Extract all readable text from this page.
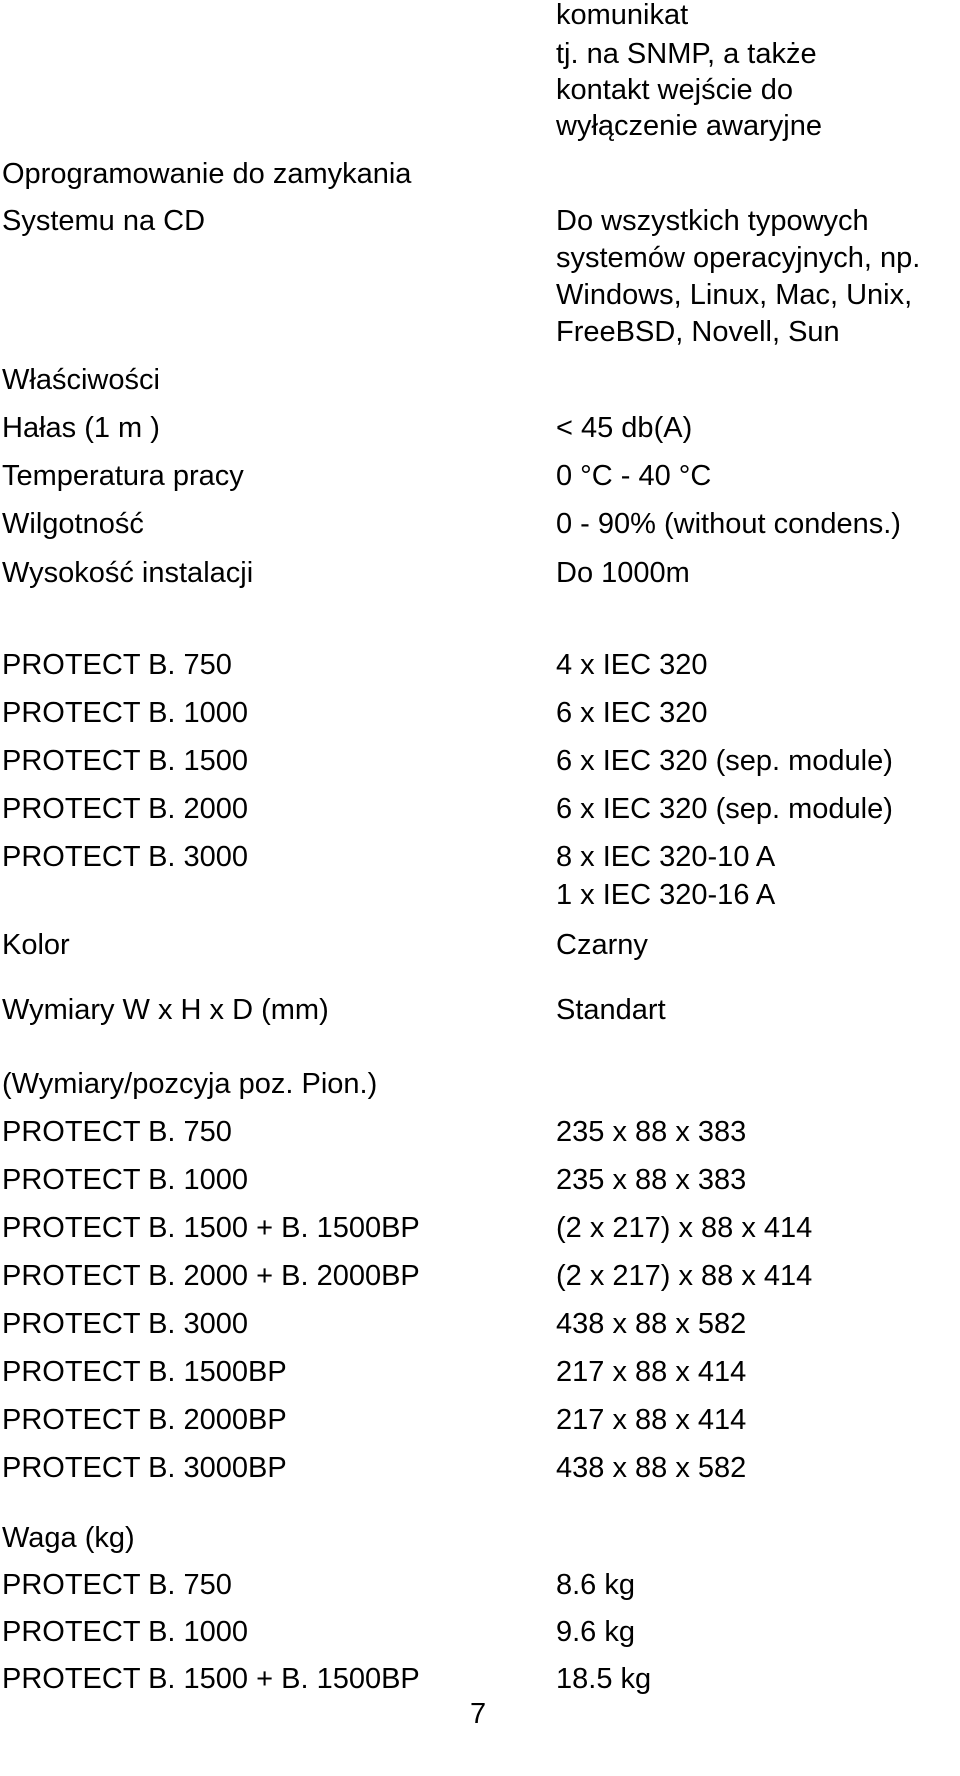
komunikat
tj. na SNMP, a także
kontakt wejście do
wyłączenie awaryjne
Oprogramowanie do zamykania
Systemu na CD	Do wszystkich typowych
systemów operacyjnych, np.
Windows, Linux, Mac, Unix,
FreeBSD, Novell, Sun
Właściwości
Hałas (1 m )	< 45 db(A)
Temperatura pracy	0 °C - 40 °C
Wilgotność	0 - 90% (without condens.)
Wysokość instalacji	Do 1000m
PROTECT B. 750	4 x IEC 320
PROTECT B. 1000	6 x IEC 320
PROTECT B. 1500	6 x IEC 320 (sep. module)
PROTECT B. 2000	6 x IEC 320 (sep. module)
PROTECT B. 3000	8 x IEC 320-10 A
1 x IEC 320-16 A
Kolor	Czarny
Wymiary W x H x D (mm)	Standart
(Wymiary/pozcyja poz. Pion.)
PROTECT B. 750	235 x 88 x 383
PROTECT B. 1000	235 x 88 x 383
PROTECT B. 1500 + B. 1500BP	(2 x 217) x 88 x 414
PROTECT B. 2000 + B. 2000BP	(2 x 217) x 88 x 414
PROTECT B. 3000	438 x 88 x 582
PROTECT B. 1500BP	217 x 88 x 414
PROTECT B. 2000BP	217 x 88 x 414
PROTECT B. 3000BP	438 x 88 x 582
Waga (kg)
PROTECT B. 750	8.6 kg
PROTECT B. 1000	9.6 kg
PROTECT B. 1500 + B. 1500BP	18.5 kg
7
